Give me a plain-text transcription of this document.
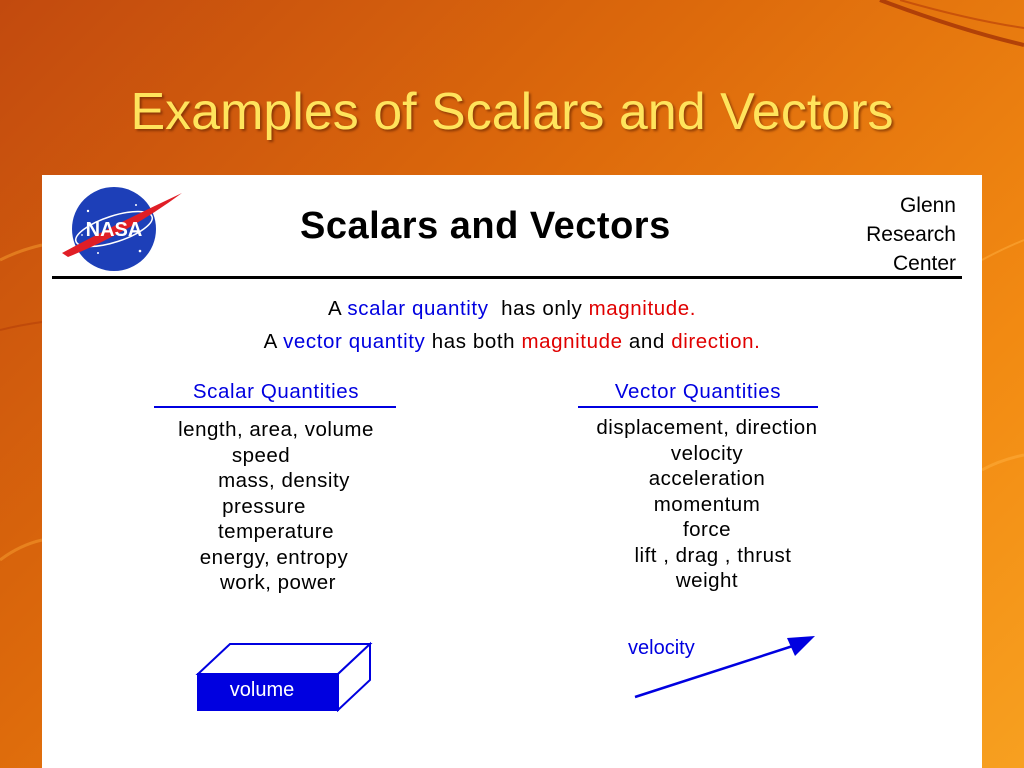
Examples of Scalars and Vectors
NASA	Scalars and Vectors	Glenn
Research
Center
A scalar quantity has only magnitude.
A vector quantity has both magnitude and direction.
Scalar Quantities	Vector Quantities
length, area, volume
speed
mass, density
pressure
temperature
energy, entropy
work, power
displacement, direction
velocity
acceleration
momentum
force
lift , drag , thrust
weight
volume
velocity
